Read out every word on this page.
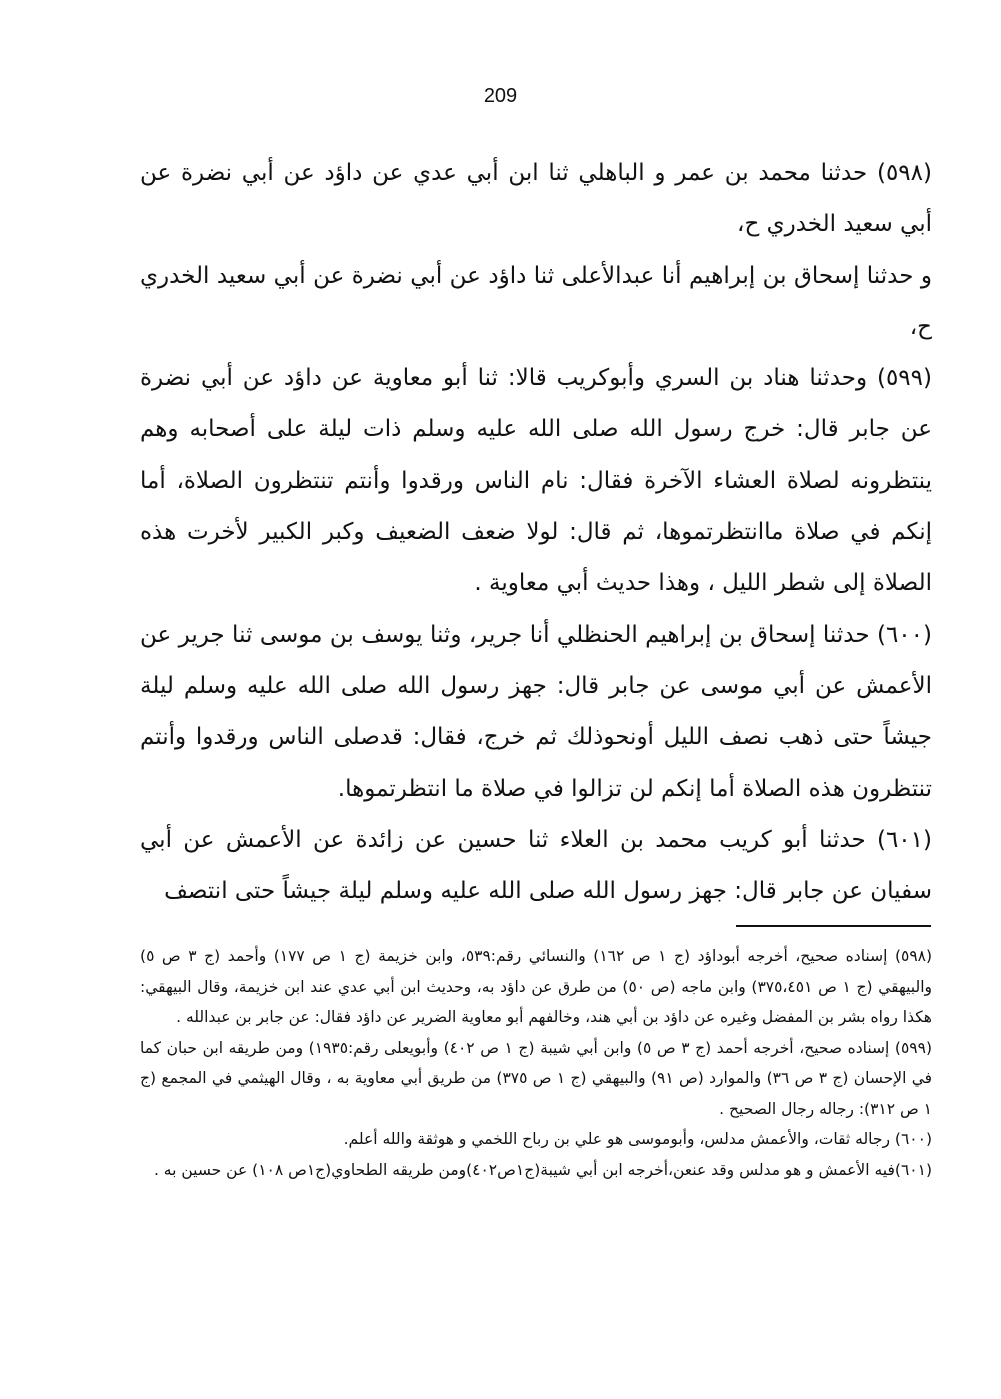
209

(٥٩٨) حدثنا محمد بن عمر و الباهلي ثنا ابن أبي عدي عن داؤد عن أبي نضرة عن أبي سعيد الخدري ح،

و حدثنا إسحاق بن إبراهيم أنا عبدالأعلى ثنا داؤد عن أبي نضرة عن أبي سعيد الخدري ح،

(٥٩٩) وحدثنا هناد بن السري وأبوكريب قالا: ثنا أبو معاوية عن داؤد عن أبي نضرة عن جابر قال: خرج رسول الله صلى الله عليه وسلم ذات ليلة على أصحابه وهم ينتظرونه لصلاة العشاء الآخرة فقال: نام الناس ورقدوا وأنتم تنتظرون الصلاة، أما إنكم في صلاة ماانتظرتموها، ثم قال: لولا ضعف الضعيف وكبر الكبير لأخرت هذه الصلاة إلى شطر الليل ، وهذا حديث أبي معاوية .

(٦٠٠) حدثنا إسحاق بن إبراهيم الحنظلي أنا جرير، وثنا يوسف بن موسى ثنا جرير عن الأعمش عن أبي موسى عن جابر قال: جهز رسول الله صلى الله عليه وسلم ليلة جيشاً حتى ذهب نصف الليل أونحوذلك ثم خرج، فقال: قدصلى الناس ورقدوا وأنتم تنتظرون هذه الصلاة أما إنكم لن تزالوا في صلاة ما انتظرتموها.

(٦٠١) حدثنا أبو كريب محمد بن العلاء ثنا حسين عن زائدة عن الأعمش عن أبي سفيان عن جابر قال: جهز رسول الله صلى الله عليه وسلم ليلة جيشاً حتى انتصف

(٥٩٨) إسناده صحيح، أخرجه أبوداؤد (ج ١ ص ١٦٢) والنسائي رقم:٥٣٩، وابن خزيمة (ج ١ ص ١٧٧) وأحمد (ج ٣ ص ٥) والبيهقي (ج ١ ص ٣٧٥،٤٥١) وابن ماجه (ص ٥٠) من طرق عن داؤد به، وحديث ابن أبي عدي عند ابن خزيمة، وقال البيهقي: هكذا رواه بشر بن المفضل وغيره عن داؤد بن أبي هند، وخالفهم أبو معاوية الضرير عن داؤد فقال: عن جابر بن عبدالله .

(٥٩٩) إسناده صحيح، أخرجه أحمد (ج ٣ ص ٥) وابن أبي شيبة (ج ١ ص ٤٠٢) وأبويعلى رقم:١٩٣٥) ومن طريقه ابن حبان كما في الإحسان (ج ٣ ص ٣٦) والموارد (ص ٩١) والبيهقي (ج ١ ص ٣٧٥) من طريق أبي معاوية به ، وقال الهيثمي في المجمع (ج ١ ص ٣١٢): رجاله رجال الصحيح .

(٦٠٠) رجاله ثقات، والأعمش مدلس، وأبوموسى هو علي بن رباح اللخمي و هوثقة والله أعلم.

(٦٠١)فيه الأعمش و هو مدلس وقد عنعن،أخرجه ابن أبي شيبة(ج١ص٤٠٢)ومن طريقه الطحاوي(ج١ص ١٠٨) عن حسين به .
